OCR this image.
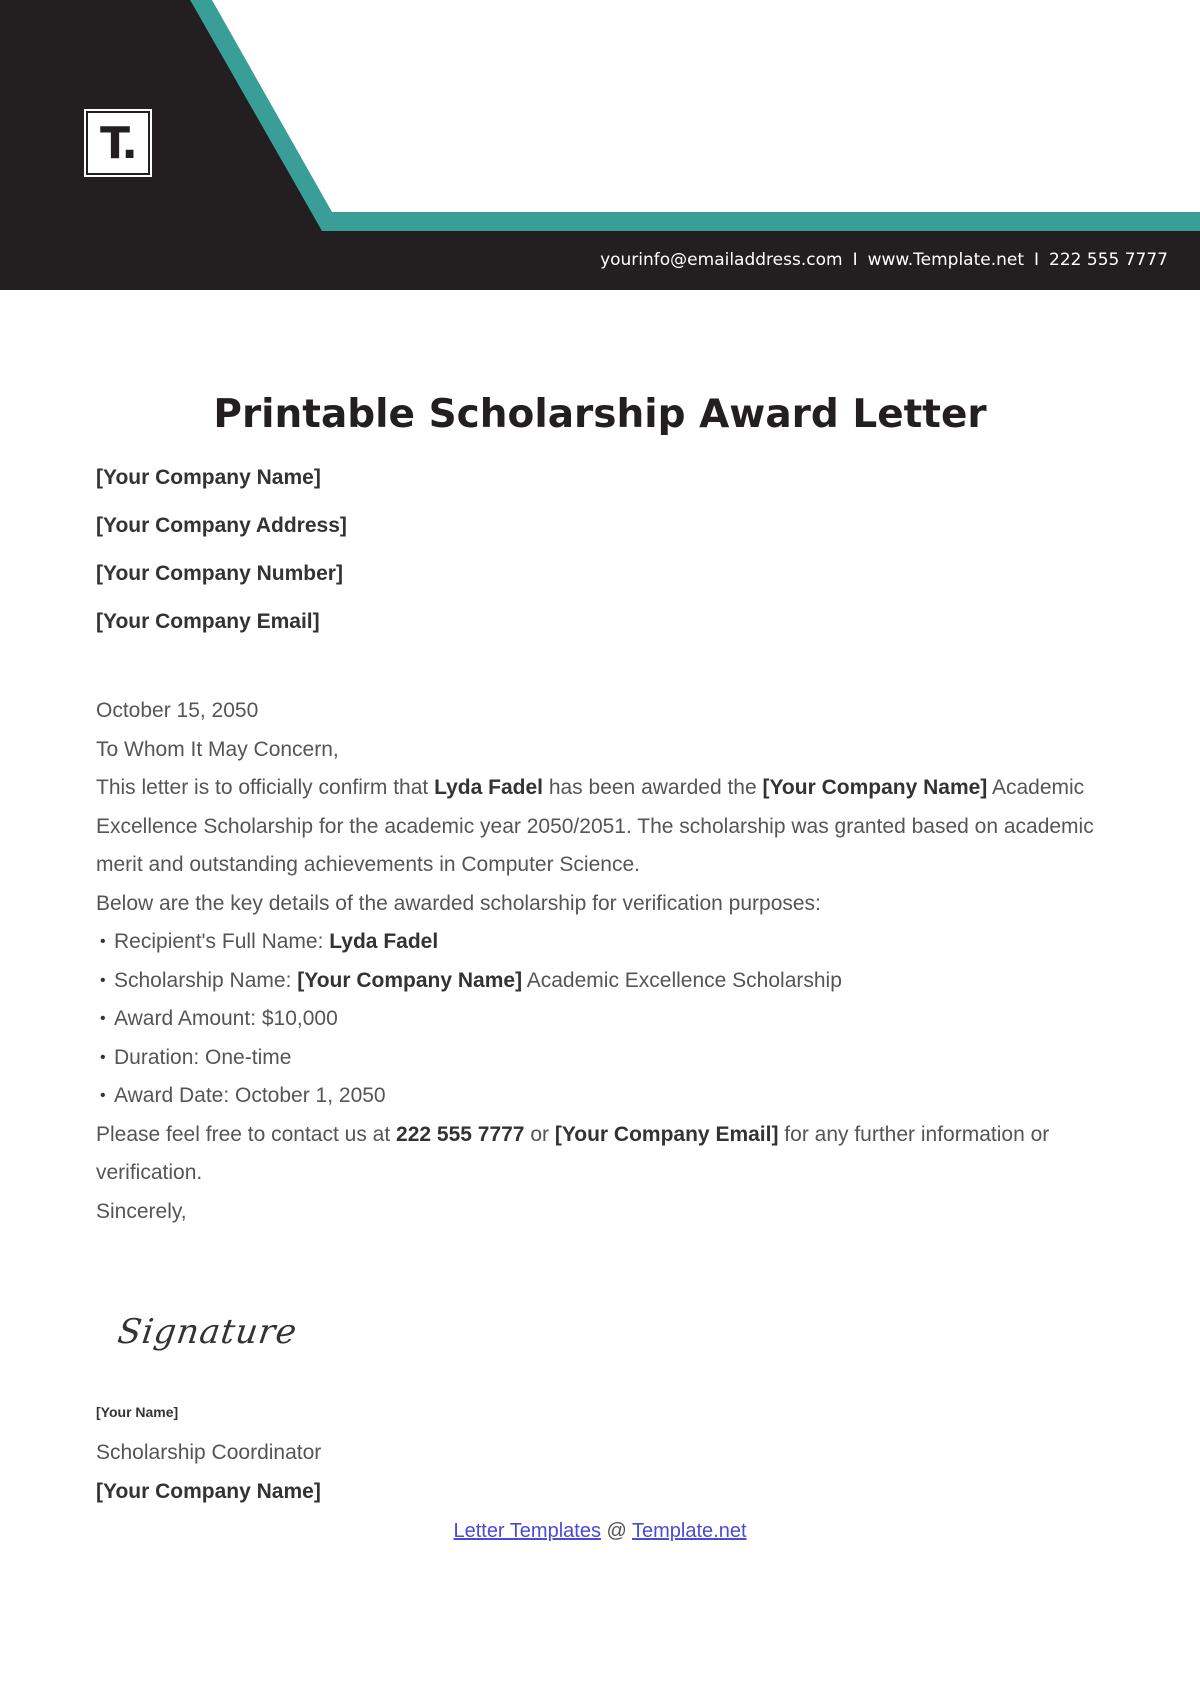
T.
yourinfo@emailaddress.com I www.Template.net I 222 555 7777
Printable Scholarship Award Letter
[Your Company Name]
[Your Company Address]
[Your Company Number]
[Your Company Email]
October 15, 2050
To Whom It May Concern,
This letter is to officially confirm that Lyda Fadel has been awarded the [Your Company Name] Academic Excellence Scholarship for the academic year 2050/2051. The scholarship was granted based on academic merit and outstanding achievements in Computer Science.
Below are the key details of the awarded scholarship for verification purposes:
• Recipient's Full Name: Lyda Fadel
• Scholarship Name: [Your Company Name] Academic Excellence Scholarship
• Award Amount: $10,000
• Duration: One-time
• Award Date: October 1, 2050
Please feel free to contact us at 222 555 7777 or [Your Company Email] for any further information or verification.
Sincerely,
Signature
[Your Name]
Scholarship Coordinator
[Your Company Name]
Letter Templates @ Template.net
